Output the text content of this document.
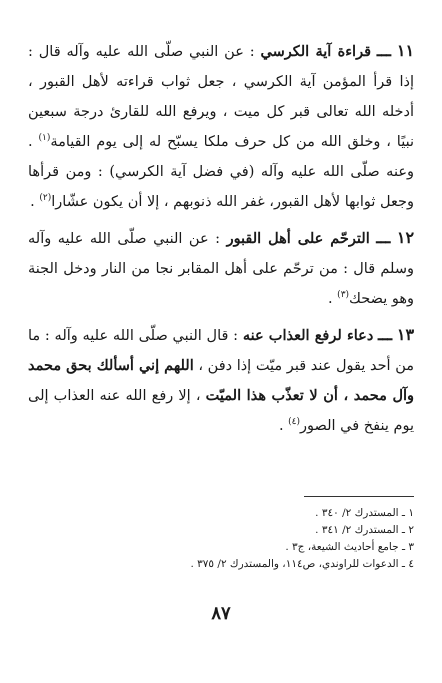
١١ ـــ قراءة آية الكرسي : عن النبي صلّى الله عليه وآله قال : إذا قرأ المؤمن آية الكرسي ، جعل ثواب قراءته لأهل القبور ، أدخله الله تعالى قبر كل ميت ، ويرفع الله للقارئ درجة سبعين نبيًا ، وخلق الله من كل حرف ملكا يسبّح له إلى يوم القيامة$^{(١)}$ . وعنه صلّى الله عليه وآله (في فضل آية الكرسي) : ومن قرأها وجعل ثوابها لأهل القبور، غفر الله ذنوبهم ، إلا أن يكون عشّارا$^{(٢)}$ .

١٢ ـــ الترحّم على أهل القبور : عن النبي صلّى الله عليه وآله وسلم قال : من ترحّم على أهل المقابر نجا من النار ودخل الجنة وهو يضحك$^{(٣)}$ .

١٣ ـــ دعاء لرفع العذاب عنه : قال النبي صلّى الله عليه وآله : ما من أحد يقول عند قبر ميّت إذا دفن ، اللهم إني أسألك بحق محمد وآل محمد ، أن لا تعذّب هذا الميّت ، إلا رفع الله عنه العذاب إلى يوم ينفخ في الصور$^{(٤)}$ .

١ ـ المستدرك ٢/ ٣٤٠ .

٢ ـ المستدرك ٢/ ٣٤١ .

٣ ـ جامع أحاديث الشيعة، ج٣ .

٤ ـ الدعوات للراوندي، ص١١٤، والمستدرك ٢/ ٣٧٥ .

٨٧
